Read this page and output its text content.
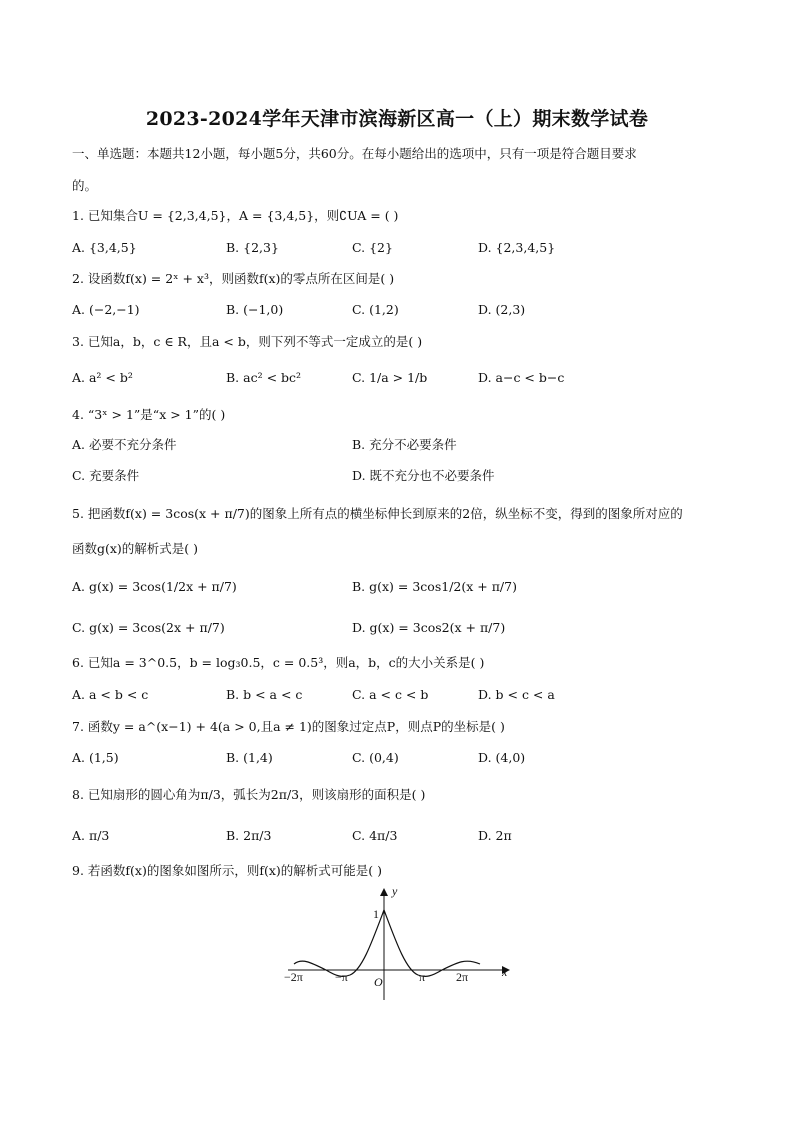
2023-2024学年天津市滨海新区高一（上）期末数学试卷
一、单选题：本题共12小题，每小题5分，共60分。在每小题给出的选项中，只有一项是符合题目要求
的。
1. 已知集合U = {2,3,4,5}，A = {3,4,5}，则∁UA = ( )
A. {3,4,5}	B. {2,3}	C. {2}	D. {2,3,4,5}
2. 设函数f(x) = 2ˣ + x³，则函数f(x)的零点所在区间是( )
A. (−2,−1)	B. (−1,0)	C. (1,2)	D. (2,3)
3. 已知a，b，c ∈ R，且a < b，则下列不等式一定成立的是( )
A. a² < b²	B. ac² < bc²	C. 1/a > 1/b	D. a−c < b−c
4. “3ˣ > 1”是“x > 1”的( )
A. 必要不充分条件	B. 充分不必要条件
C. 充要条件	D. 既不充分也不必要条件
5. 把函数f(x) = 3cos(x + π/7)的图象上所有点的横坐标伸长到原来的2倍，纵坐标不变，得到的图象所对应的
函数g(x)的解析式是( )
A. g(x) = 3cos(1/2x + π/7)	B. g(x) = 3cos1/2(x + π/7)
C. g(x) = 3cos(2x + π/7)	D. g(x) = 3cos2(x + π/7)
6. 已知a = 3^0.5，b = log₃0.5，c = 0.5³，则a，b，c的大小关系是( )
A. a < b < c	B. b < a < c	C. a < c < b	D. b < c < a
7. 函数y = a^(x−1) + 4(a > 0,且a ≠ 1)的图象过定点P，则点P的坐标是( )
A. (1,5)	B. (1,4)	C. (0,4)	D. (4,0)
8. 已知扇形的圆心角为π/3，弧长为2π/3，则该扇形的面积是( )
A. π/3	B. 2π/3	C. 4π/3	D. 2π
9. 若函数f(x)的图象如图所示，则f(x)的解析式可能是( )
y
x
1
O
−2π	−π	π	2π
